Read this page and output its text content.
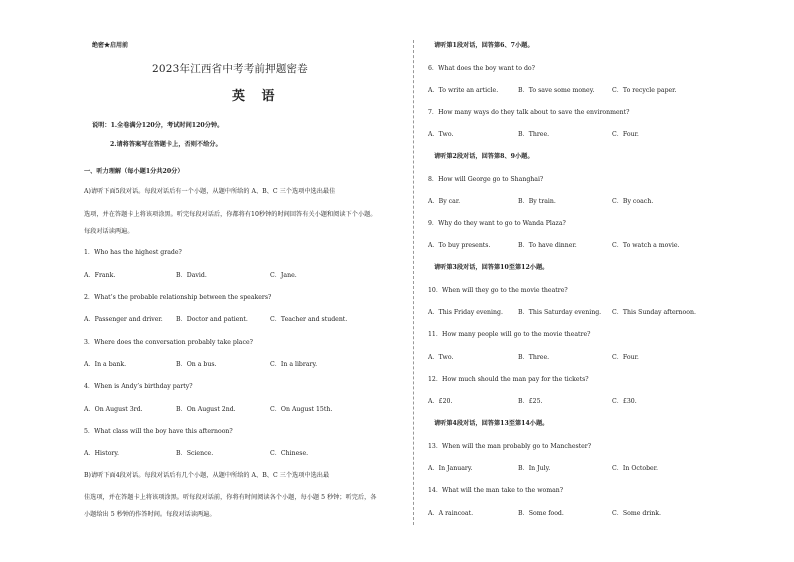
绝密★启用前
2023年江西省中考考前押题密卷
英 语
说明：1.全卷满分120分，考试时间120分钟。
2.请将答案写在答题卡上，否则不给分。
一、听力理解（每小题1分共20分）
A)请听下面5段对话。每段对话后有一个小题，从题中所给的 A、B、C 三个选项中选出最佳
选项，并在答题卡上将该项涂黑。听完每段对话后，你都将有10秒钟的时间回答有关小题和阅读下个小题。
每段对话读两遍。
1．Who has the highest grade?
A．Frank.	B．David.	C．Jane.
2．What’s the probable relationship between the speakers?
A．Passenger and driver. B．Doctor and patient.	C．Teacher and student.
3．Where does the conversation probably take place?
A．In a bank.	B．On a bus.	C．In a library.
4．When is Andy’s birthday party?
A．On August 3rd.	B．On August 2nd.	C．On August 15th.
5．What class will the boy have this afternoon?
A．History.	B．Science.	C．Chinese.
B)请听下面4段对话。每段对话后有几个小题，从题中所给的 A、B、C 三个选项中选出最
佳选项，并在答题卡上将该项涂黑。听每段对话前，你将有时间阅读各个小题，每小题 5 秒钟；听完后，各
小题给出 5 秒钟的作答时间。每段对话读两遍。
请听第1段对话，回答第6、7小题。
6．What does the boy want to do?
A．To write an article.	B．To save some money.	C．To recycle paper.
7．How many ways do they talk about to save the environment?
A．Two.	B．Three.	C．Four.
请听第2段对话，回答第8、9小题。
8．How will George go to Shanghai?
A．By car.	B．By train.	C．By coach.
9．Why do they want to go to Wanda Plaza?
A．To buy presents.	B．To have dinner.	C．To watch a movie.
请听第3段对话，回答第10至第12小题。
10．When will they go to the movie theatre?
A．This Friday evening. B．This Saturday evening. C．This Sunday afternoon.
11．How many people will go to the movie theatre?
A．Two.	B．Three.	C．Four.
12．How much should the man pay for the tickets?
A．£20.	B．£25.	C．£30.
请听第4段对话，回答第13至第14小题。
13．When will the man probably go to Manchester?
A．In January.	B．In July.	C．In October.
14．What will the man take to the woman?
A．A raincoat.	B．Some food.	C．Some drink.
